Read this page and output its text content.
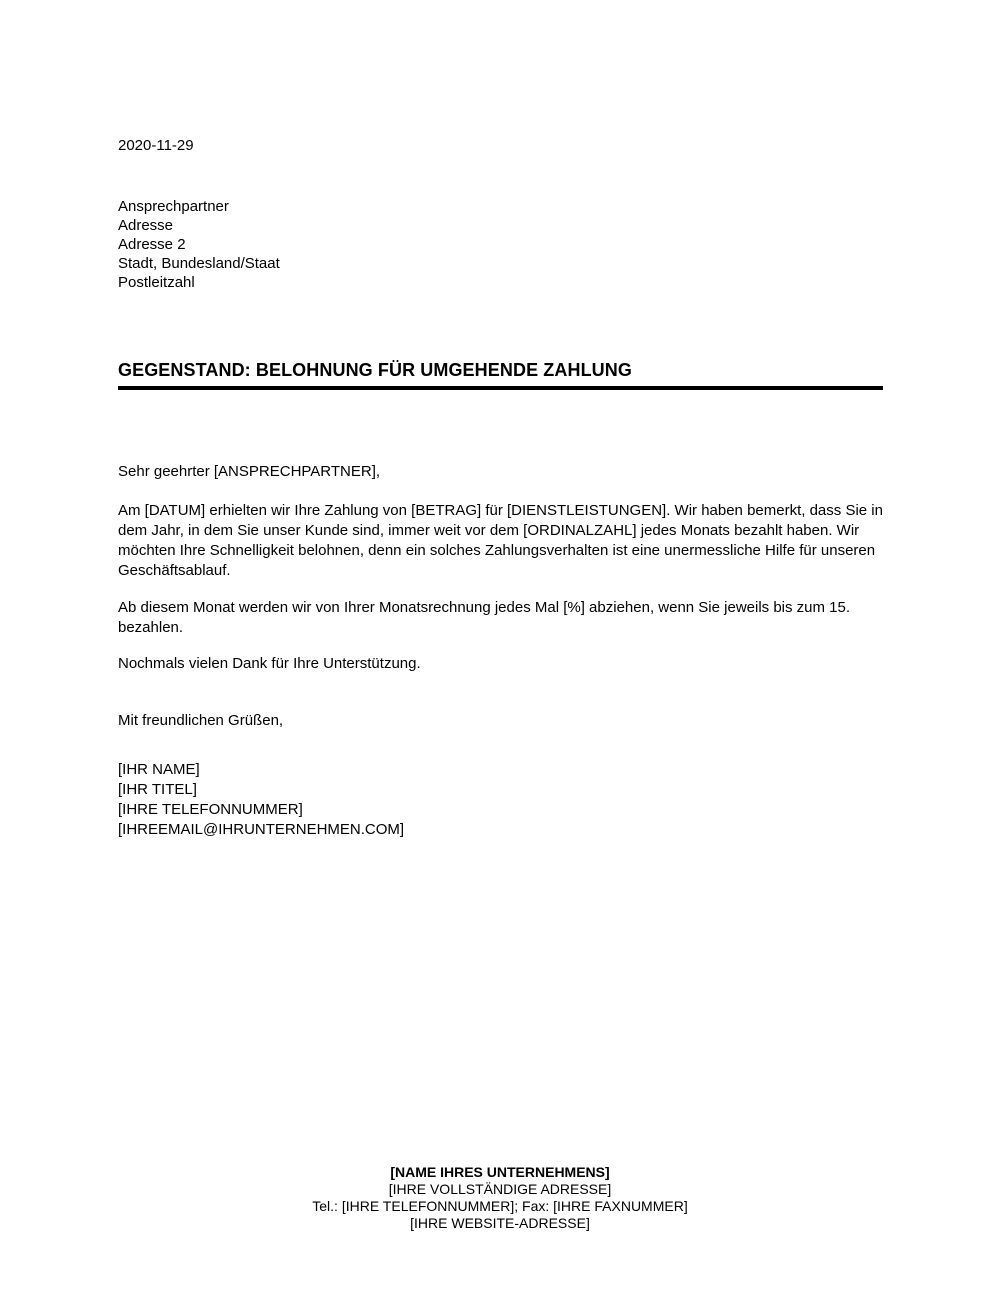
2020-11-29
Ansprechpartner
Adresse
Adresse 2
Stadt, Bundesland/Staat
Postleitzahl
GEGENSTAND: BELOHNUNG FÜR UMGEHENDE ZAHLUNG
Sehr geehrter [ANSPRECHPARTNER],
Am [DATUM] erhielten wir Ihre Zahlung von [BETRAG] für [DIENSTLEISTUNGEN]. Wir haben bemerkt, dass Sie in dem Jahr, in dem Sie unser Kunde sind, immer weit vor dem [ORDINALZAHL] jedes Monats bezahlt haben. Wir möchten Ihre Schnelligkeit belohnen, denn ein solches Zahlungsverhalten ist eine unermessliche Hilfe für unseren Geschäftsablauf.
Ab diesem Monat werden wir von Ihrer Monatsrechnung jedes Mal [%] abziehen, wenn Sie jeweils bis zum 15. bezahlen.
Nochmals vielen Dank für Ihre Unterstützung.
Mit freundlichen Grüßen,
[IHR NAME]
[IHR TITEL]
[IHRE TELEFONNUMMER]
[IHREEMAIL@IHRUNTERNEHMEN.COM]
[NAME IHRES UNTERNEHMENS]
[IHRE VOLLSTÄNDIGE ADRESSE]
Tel.: [IHRE TELEFONNUMMER]; Fax: [IHRE FAXNUMMER]
[IHRE WEBSITE-ADRESSE]
